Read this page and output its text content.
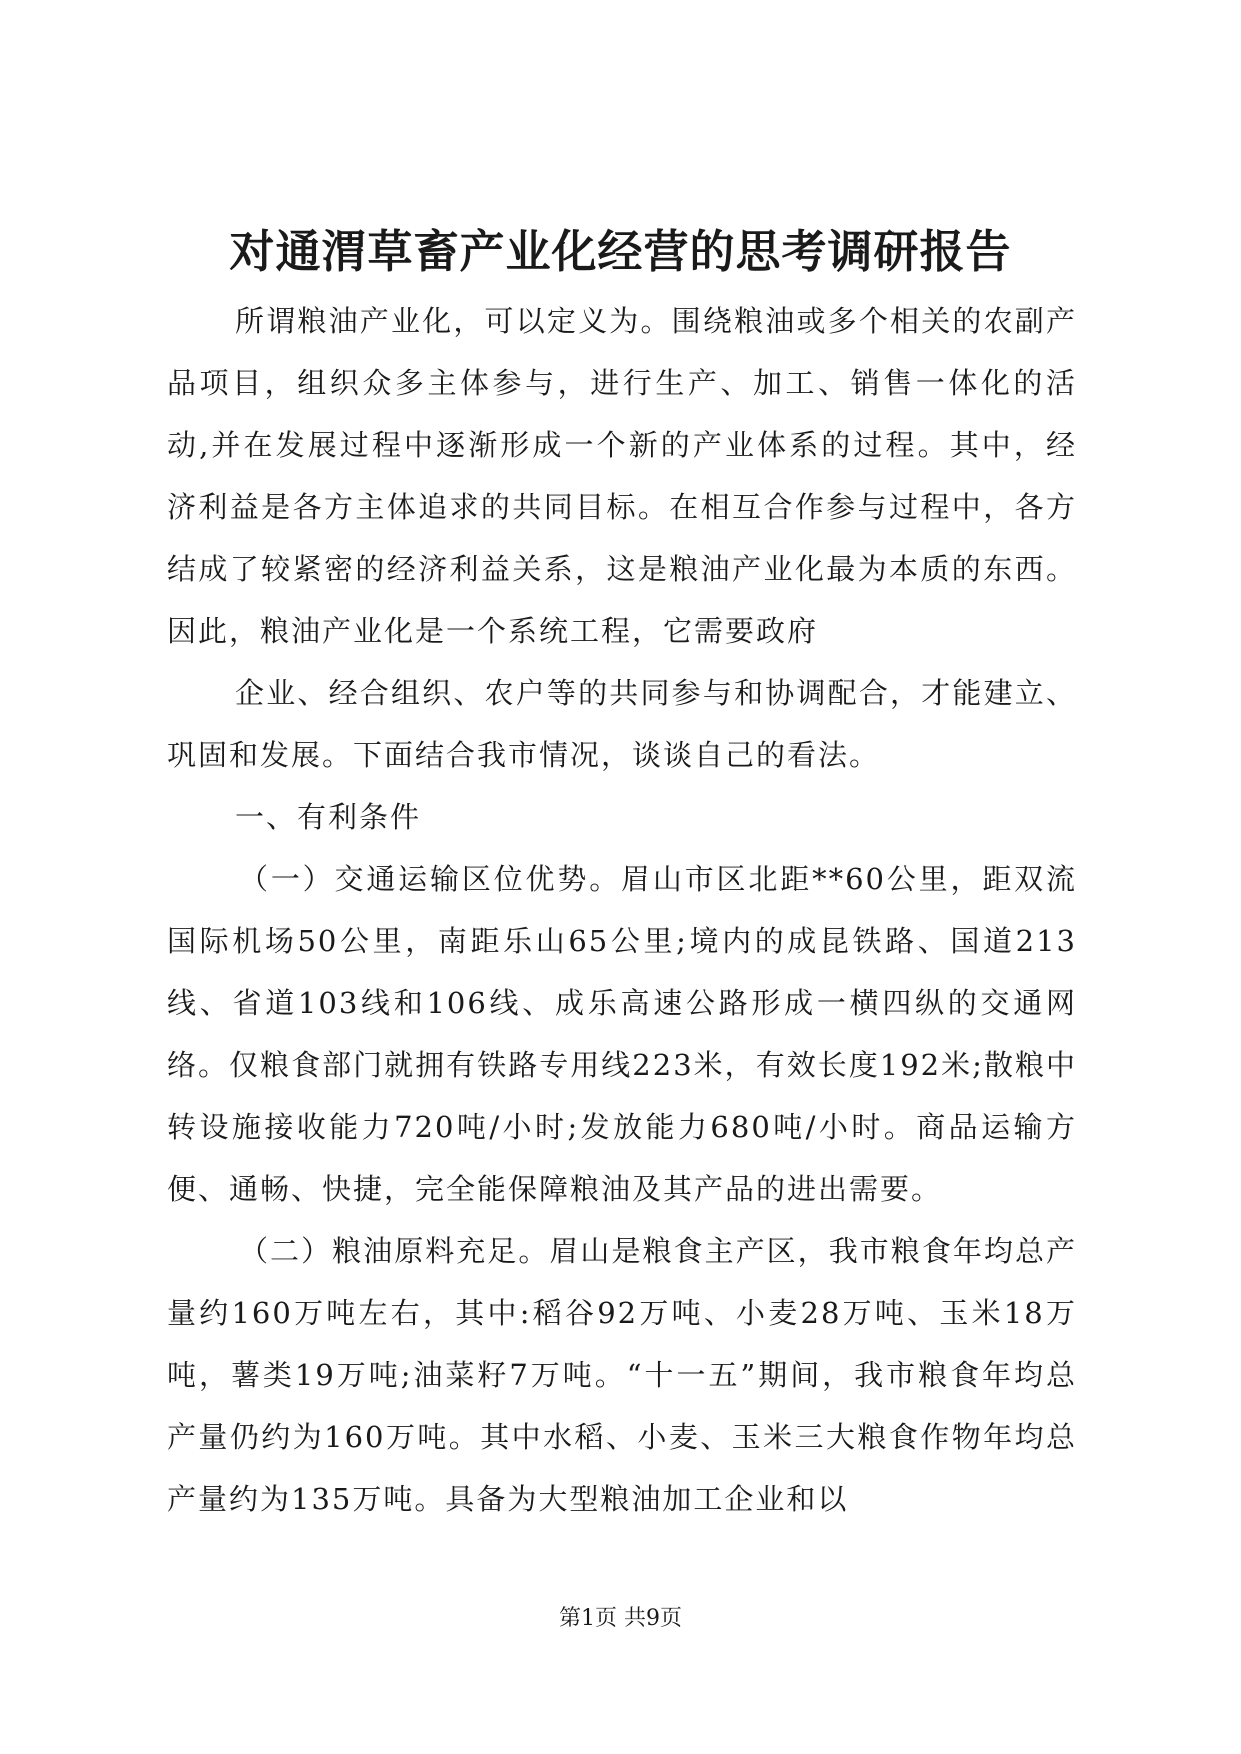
对通渭草畜产业化经营的思考调研报告

所谓粮油产业化，可以定义为。围绕粮油或多个相关的农副产品项目，组织众多主体参与，进行生产、加工、销售一体化的活动,并在发展过程中逐渐形成一个新的产业体系的过程。其中，经济利益是各方主体追求的共同目标。在相互合作参与过程中，各方结成了较紧密的经济利益关系，这是粮油产业化最为本质的东西。因此，粮油产业化是一个系统工程，它需要政府

企业、经合组织、农户等的共同参与和协调配合，才能建立、巩固和发展。下面结合我市情况，谈谈自己的看法。

一、有利条件

（一）交通运输区位优势。眉山市区北距**60公里，距双流国际机场50公里，南距乐山65公里;境内的成昆铁路、国道213线、省道103线和106线、成乐高速公路形成一横四纵的交通网络。仅粮食部门就拥有铁路专用线223米，有效长度192米;散粮中转设施接收能力720吨/小时;发放能力680吨/小时。商品运输方便、通畅、快捷，完全能保障粮油及其产品的进出需要。

（二）粮油原料充足。眉山是粮食主产区，我市粮食年均总产量约160万吨左右，其中:稻谷92万吨、小麦28万吨、玉米18万吨，薯类19万吨;油菜籽7万吨。“十一五”期间，我市粮食年均总产量仍约为160万吨。其中水稻、小麦、玉米三大粮食作物年均总产量约为135万吨。具备为大型粮油加工企业和以

第1页 共9页
